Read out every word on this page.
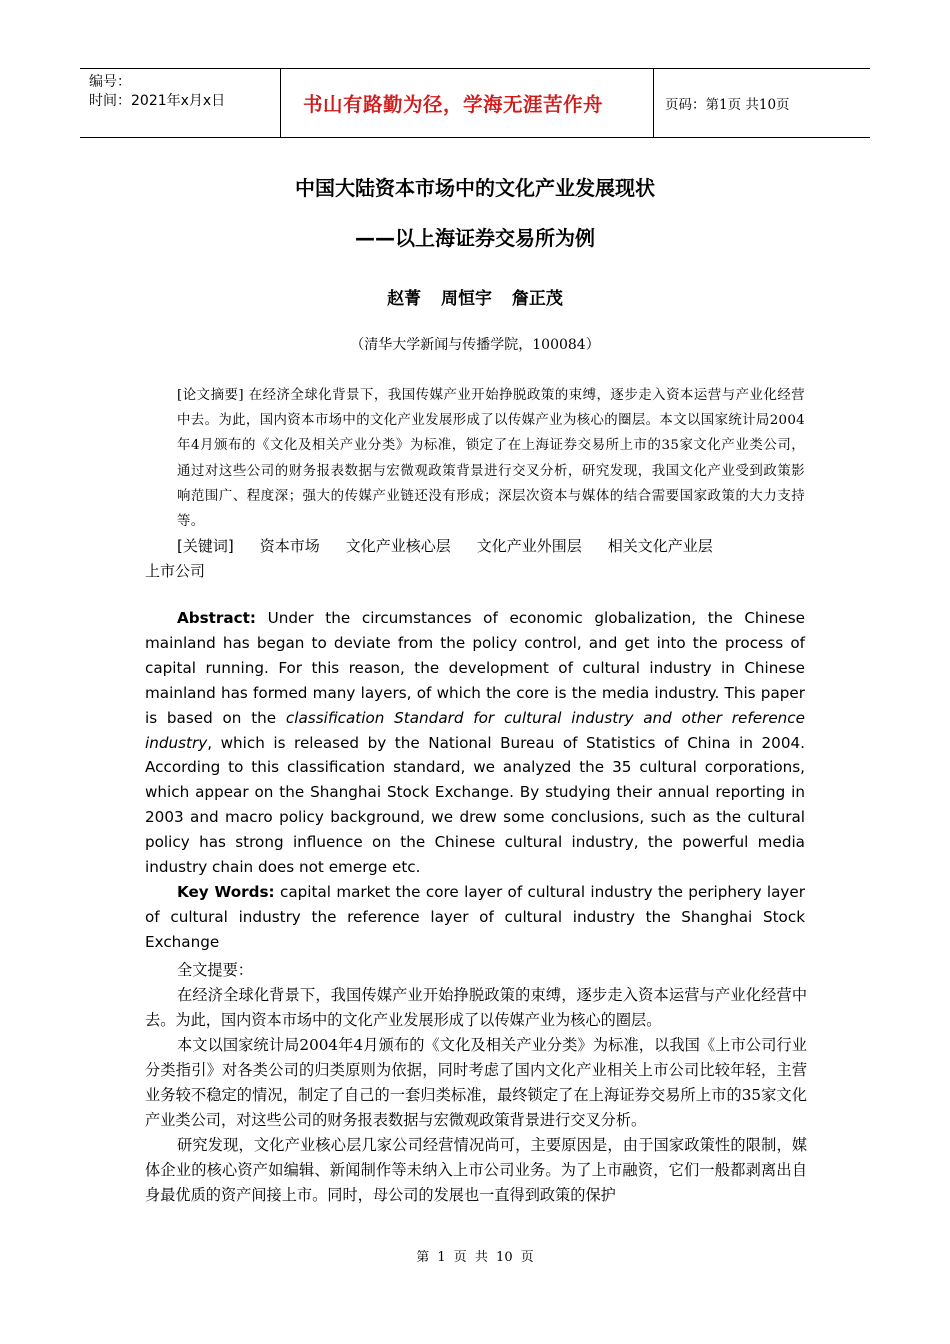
编号：
时间：2021年x月x日	书山有路勤为径，学海无涯苦作舟	页码：第1页 共10页
中国大陆资本市场中的文化产业发展现状
——以上海证券交易所为例
赵菁 周恒宇 詹正茂
（清华大学新闻与传播学院，100084）
[论文摘要] 在经济全球化背景下，我国传媒产业开始挣脱政策的束缚，逐步走入资本运营与产业化经营中去。为此，国内资本市场中的文化产业发展形成了以传媒产业为核心的圈层。本文以国家统计局2004年4月颁布的《文化及相关产业分类》为标准，锁定了在上海证券交易所上市的35家文化产业类公司，通过对这些公司的财务报表数据与宏微观政策背景进行交叉分析，研究发现，我国文化产业受到政策影响范围广、程度深；强大的传媒产业链还没有形成；深层次资本与媒体的结合需要国家政策的大力支持等。
[关键词] 资本市场 文化产业核心层 文化产业外围层 相关文化产业层
上市公司

Abstract: Under the circumstances of economic globalization, the Chinese mainland has began to deviate from the policy control, and get into the process of capital running. For this reason, the development of cultural industry in Chinese mainland has formed many layers, of which the core is the media industry. This paper is based on the classification Standard for cultural industry and other reference industry, which is released by the National Bureau of Statistics of China in 2004. According to this classification standard, we analyzed the 35 cultural corporations, which appear on the Shanghai Stock Exchange. By studying their annual reporting in 2003 and macro policy background, we drew some conclusions, such as the cultural policy has strong influence on the Chinese cultural industry, the powerful media industry chain does not emerge etc.

Key Words: capital market the core layer of cultural industry the periphery layer of cultural industry the reference layer of cultural industry the Shanghai Stock Exchange

全文提要：

在经济全球化背景下，我国传媒产业开始挣脱政策的束缚，逐步走入资本运营与产业化经营中去。为此，国内资本市场中的文化产业发展形成了以传媒产业为核心的圈层。

本文以国家统计局2004年4月颁布的《文化及相关产业分类》为标准，以我国《上市公司行业分类指引》对各类公司的归类原则为依据，同时考虑了国内文化产业相关上市公司比较年轻，主营业务较不稳定的情况，制定了自己的一套归类标准，最终锁定了在上海证券交易所上市的35家文化产业类公司，对这些公司的财务报表数据与宏微观政策背景进行交叉分析。

研究发现，文化产业核心层几家公司经营情况尚可，主要原因是，由于国家政策性的限制，媒体企业的核心资产如编辑、新闻制作等未纳入上市公司业务。为了上市融资，它们一般都剥离出自身最优质的资产间接上市。同时，母公司的发展也一直得到政策的保护

第 1 页 共 10 页
